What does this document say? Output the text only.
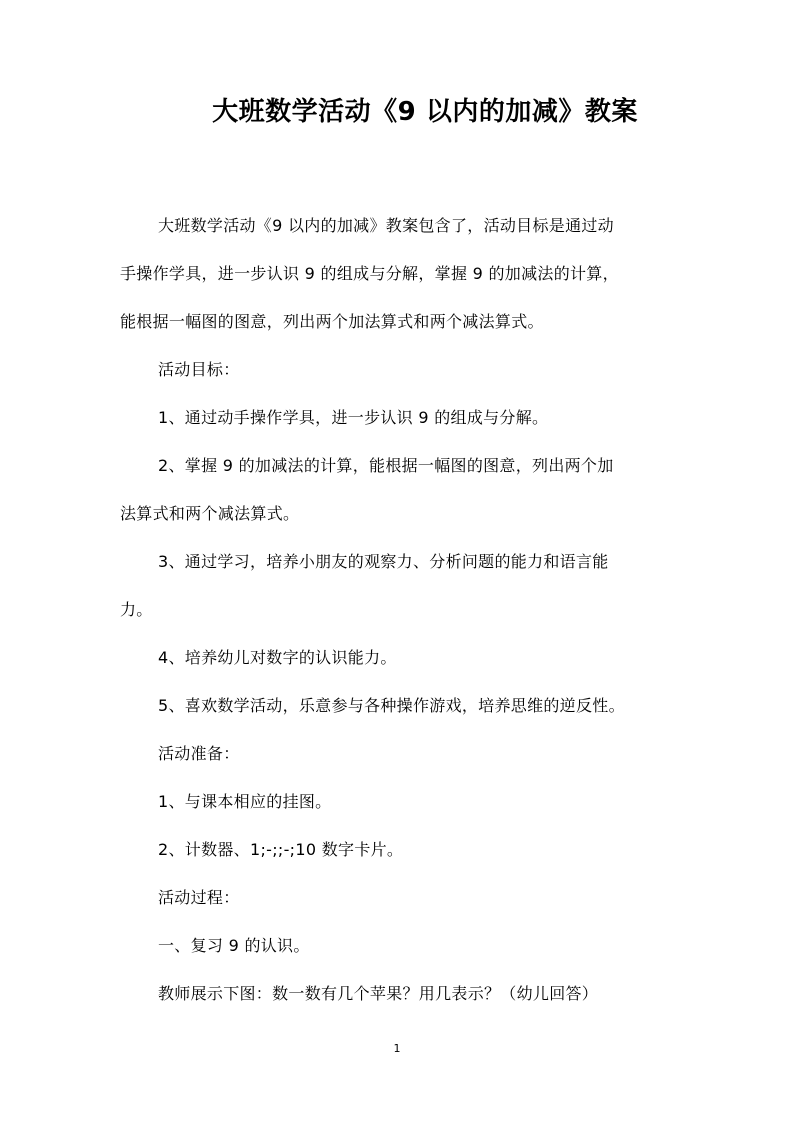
大班数学活动《9 以内的加减》教案
大班数学活动《9 以内的加减》教案包含了，活动目标是通过动
手操作学具，进一步认识 9 的组成与分解，掌握 9 的加减法的计算，
能根据一幅图的图意，列出两个加法算式和两个减法算式。
活动目标：
1、通过动手操作学具，进一步认识 9 的组成与分解。
2、掌握 9 的加减法的计算，能根据一幅图的图意，列出两个加
法算式和两个减法算式。
3、通过学习，培养小朋友的观察力、分析问题的能力和语言能
力。
4、培养幼儿对数字的认识能力。
5、喜欢数学活动，乐意参与各种操作游戏，培养思维的逆反性。
活动准备：
1、与课本相应的挂图。
2、计数器、1;-;;-;10 数字卡片。
活动过程：
一、复习 9 的认识。
教师展示下图：数一数有几个苹果？用几表示？（幼儿回答）
1
